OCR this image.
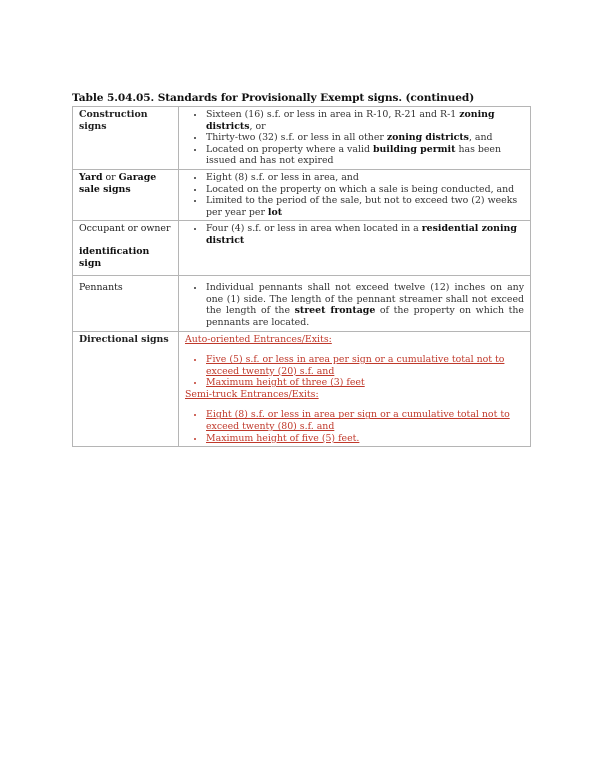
Table 5.04.05. Standards for Provisionally Exempt signs. (continued)
Construction signs	
• Sixteen (16) s.f. or less in area in R-10, R-21 and R-1 zoning districts, or
• Thirty-two (32) s.f. or less in all other zoning districts, and
• Located on property where a valid building permit has been issued and has not expired

Yard or Garage sale signs	
• Eight (8) s.f. or less in area, and
• Located on the property on which a sale is being conducted, and
• Limited to the period of the sale, but not to exceed two (2) weeks per year per lot

Occupant or owner
identification sign

• Four (4) s.f. or less in area when located in a residential zoning district

Pennants	
•Individual pennants shall not exceed twelve (12) inches on any one (1) side. The length of the pennant streamer shall not exceed the length of the street frontage of the property on which the pennants are located.

Directional signs	Auto-oriented Entrances/Exits:
• Five (5) s.f. or less in area per sign or a cumulative total not to exceed twenty (20) s.f. and
• Maximum height of three (3) feet
Semi-truck Entrances/Exits:
• Eight (8) s.f. or less in area per sign or a cumulative total not to exceed twenty (80) s.f. and
• Maximum height of five (5) feet.
